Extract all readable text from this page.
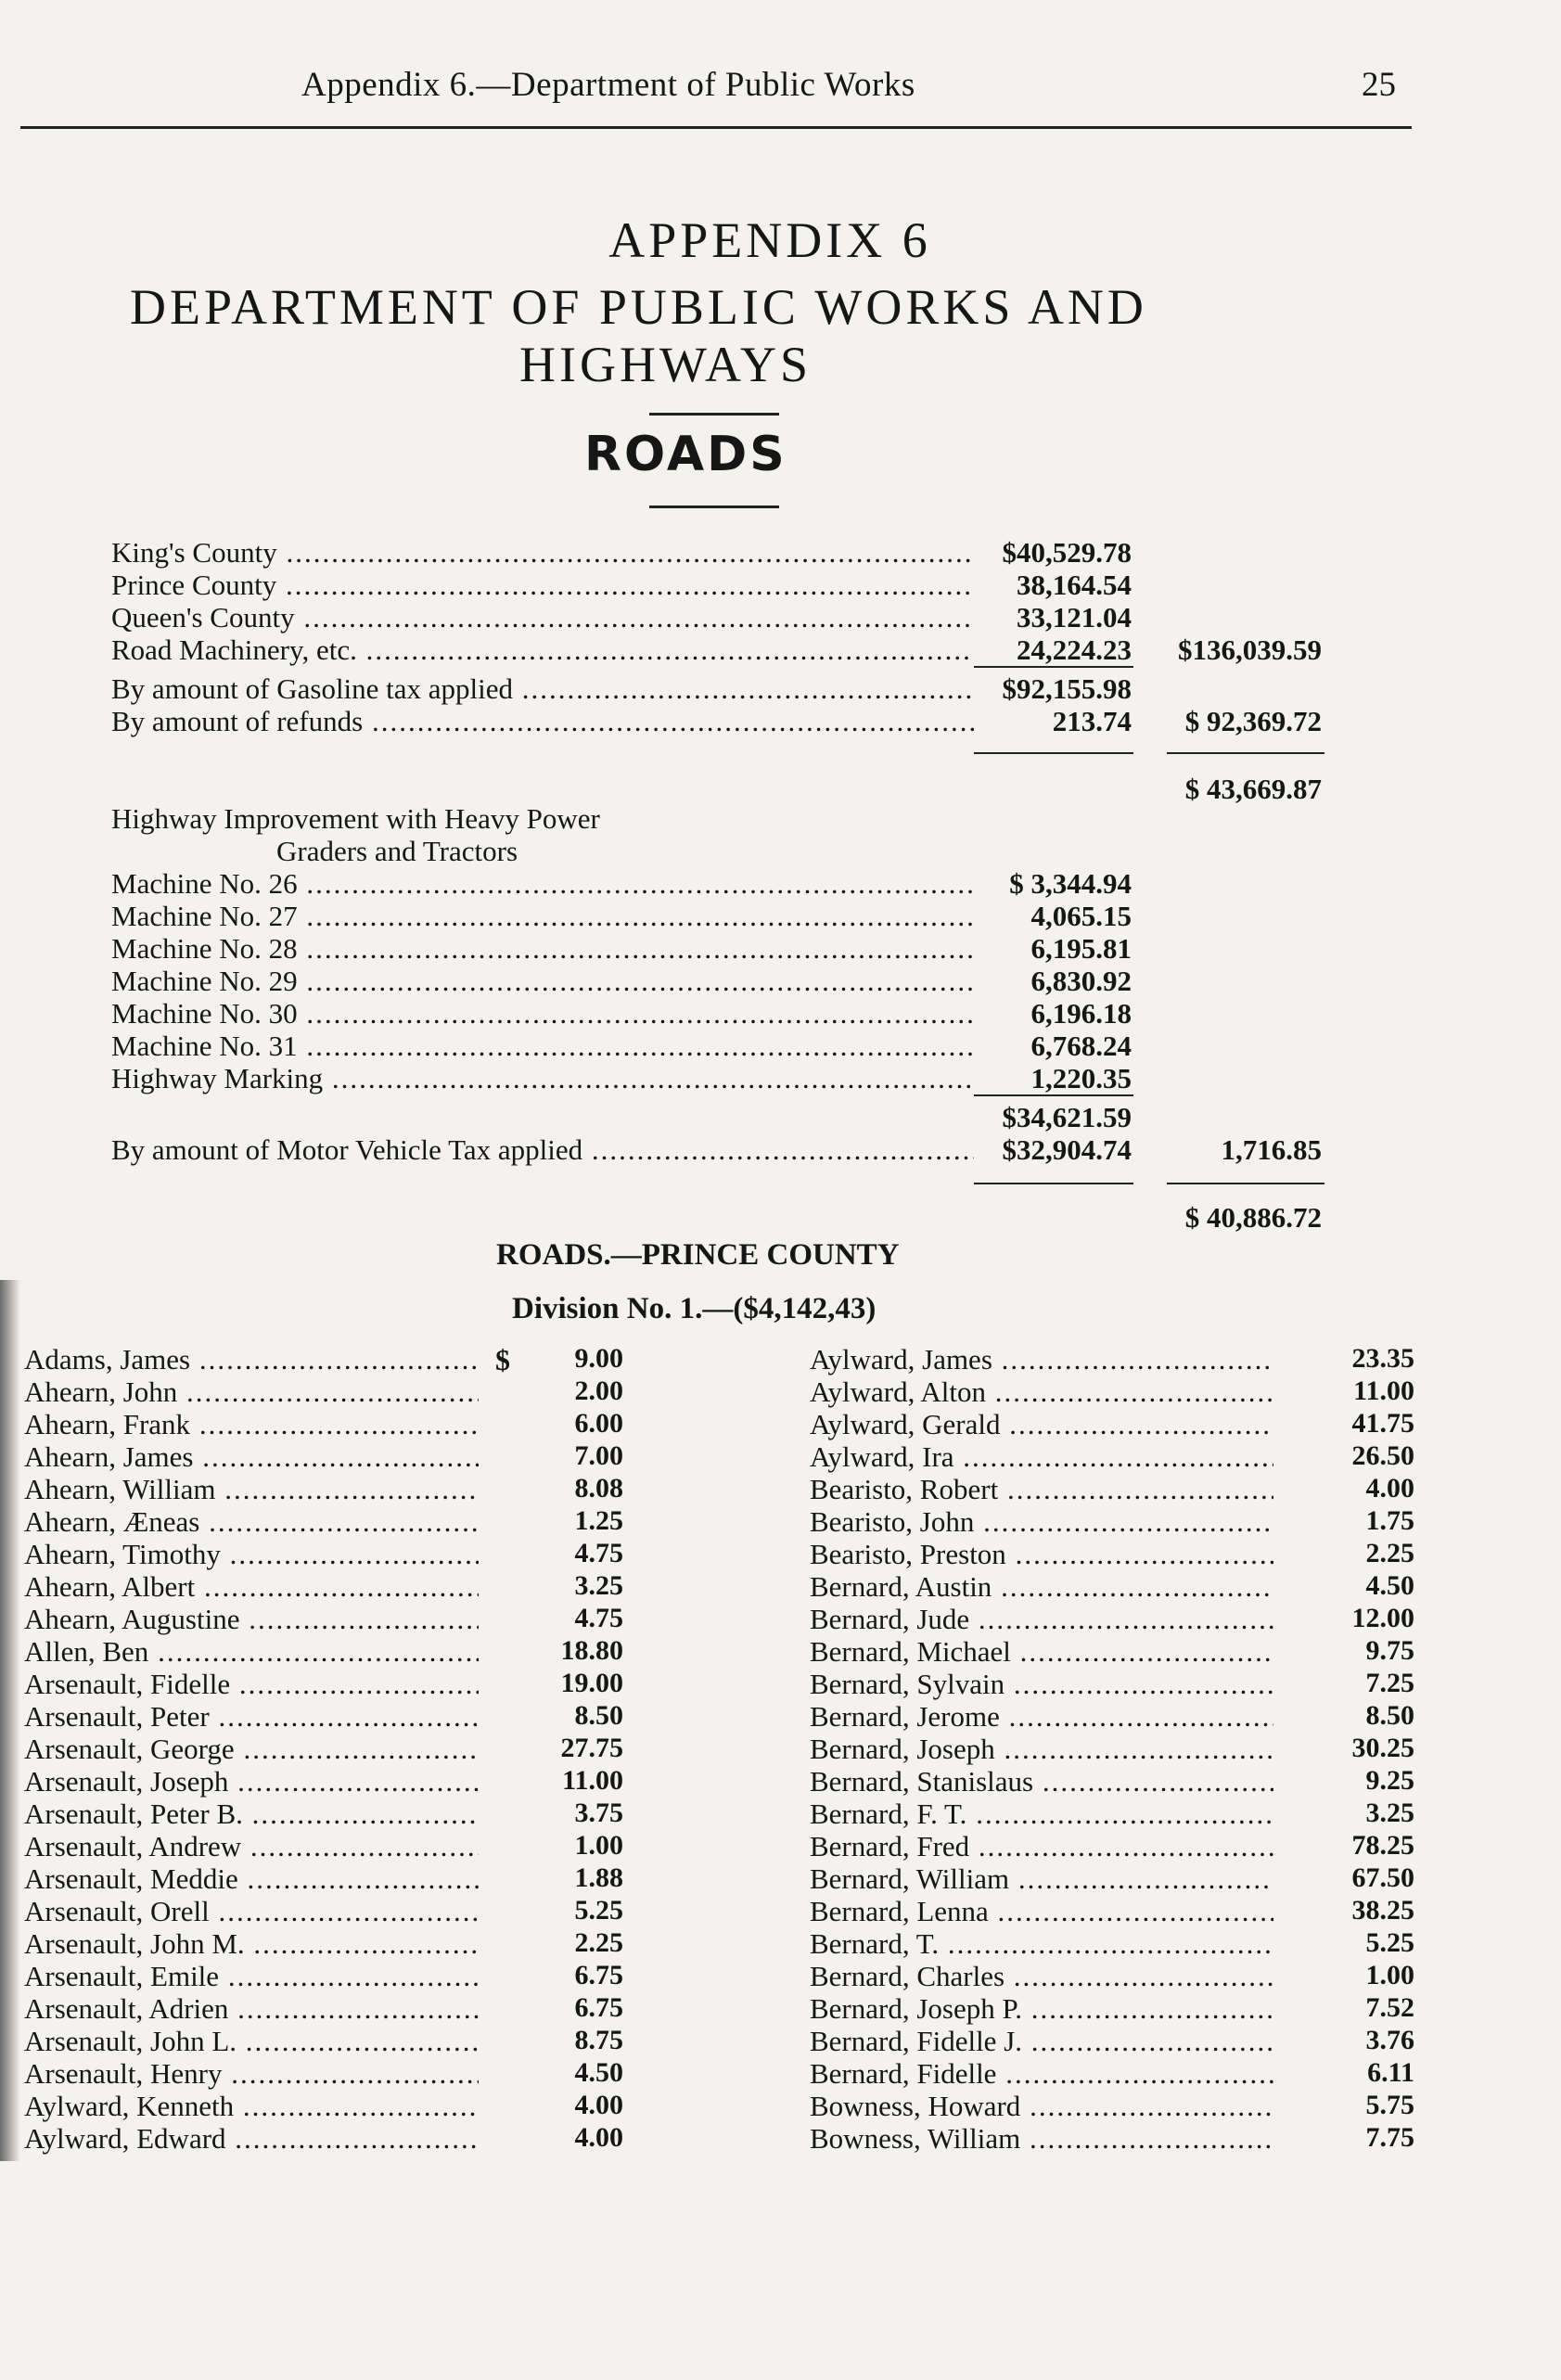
Appendix 6.—Department of Public Works	25
APPENDIX 6
DEPARTMENT OF PUBLIC WORKS AND
HIGHWAYS
ROADS
King's County .....	$40,529.78
Prince County .....	38,164.54
Queen's County .....	33,121.04
Road Machinery, etc. .....	24,224.23	$136,039.59
By amount of Gasoline tax applied .....	$92,155.98
By amount of refunds .....	213.74	$ 92,369.72
$ 43,669.87
Highway Improvement with Heavy Power
Graders and Tractors
Machine No. 26 .....	$ 3,344.94
Machine No. 27 .....	4,065.15
Machine No. 28 .....	6,195.81
Machine No. 29 .....	6,830.92
Machine No. 30 .....	6,196.18
Machine No. 31 .....	6,768.24
Highway Marking .....	1,220.35
$34,621.59
By amount of Motor Vehicle Tax applied .....	$32,904.74	1,716.85
$ 40,886.72
ROADS.—PRINCE COUNTY
Division No. 1.—($4,142,43)
$
Adams, James .....	9.00
Ahearn, John .....	2.00
Ahearn, Frank .....	6.00
Ahearn, James .....	7.00
Ahearn, William .....	8.08
Ahearn, Æneas .....	1.25
Ahearn, Timothy .....	4.75
Ahearn, Albert .....	3.25
Ahearn, Augustine .....	4.75
Allen, Ben .....	18.80
Arsenault, Fidelle .....	19.00
Arsenault, Peter .....	8.50
Arsenault, George .....	27.75
Arsenault, Joseph .....	11.00
Arsenault, Peter B. .....	3.75
Arsenault, Andrew .....	1.00
Arsenault, Meddie .....	1.88
Arsenault, Orell .....	5.25
Arsenault, John M. .....	2.25
Arsenault, Emile .....	6.75
Arsenault, Adrien .....	6.75
Arsenault, John L. .....	8.75
Arsenault, Henry .....	4.50
Aylward, Kenneth .....	4.00
Aylward, Edward .....	4.00
Aylward, James .....	23.35
Aylward, Alton .....	11.00
Aylward, Gerald .....	41.75
Aylward, Ira .....	26.50
Bearisto, Robert .....	4.00
Bearisto, John .....	1.75
Bearisto, Preston .....	2.25
Bernard, Austin .....	4.50
Bernard, Jude .....	12.00
Bernard, Michael .....	9.75
Bernard, Sylvain .....	7.25
Bernard, Jerome .....	8.50
Bernard, Joseph .....	30.25
Bernard, Stanislaus .....	9.25
Bernard, F. T. .....	3.25
Bernard, Fred .....	78.25
Bernard, William .....	67.50
Bernard, Lenna .....	38.25
Bernard, T. .....	5.25
Bernard, Charles .....	1.00
Bernard, Joseph P. .....	7.52
Bernard, Fidelle J. .....	3.76
Bernard, Fidelle .....	6.11
Bowness, Howard .....	5.75
Bowness, William .....	7.75
